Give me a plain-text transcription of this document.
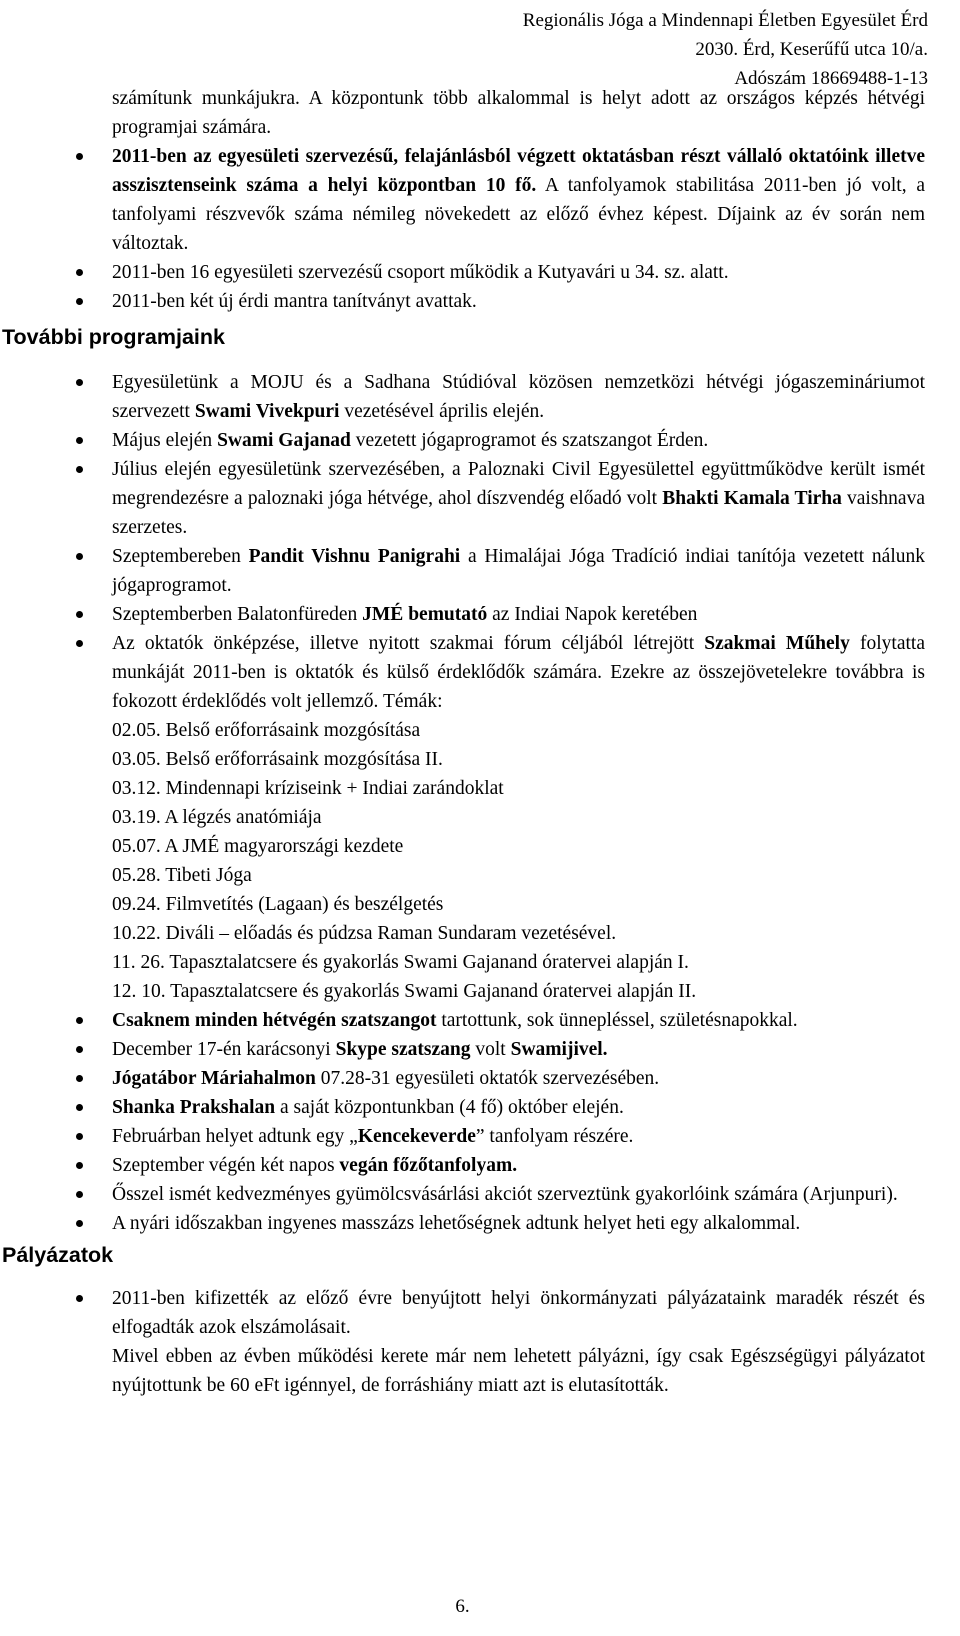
Regionális Jóga a Mindennapi Életben Egyesület Érd
2030. Érd, Keserűfű utca 10/a.
Adószám 18669488-1-13
számítunk munkájukra. A központunk több alkalommal is helyt adott az országos képzés hétvégi programjai számára.
2011-ben az egyesületi szervezésű, felajánlásból végzett oktatásban részt vállaló oktatóink illetve asszisztenseink száma a helyi központban 10 fő. A tanfolyamok stabilitása 2011-ben jó volt, a tanfolyami részvevők száma némileg növekedett az előző évhez képest. Díjaink az év során nem változtak.
2011-ben 16 egyesületi szervezésű csoport működik a Kutyavári u 34. sz. alatt.
2011-ben két új érdi mantra tanítványt avattak.
További programjaink
Egyesületünk a MOJU és a Sadhana Stúdióval közösen nemzetközi hétvégi jógaszemináriumot szervezett Swami Vivekpuri vezetésével április elején.
Május elején Swami Gajanad vezetett jógaprogramot és szatszangot Érden.
Július elején egyesületünk szervezésében, a Paloznaki Civil Egyesülettel együttműködve került ismét megrendezésre a paloznaki jóga hétvége, ahol díszvendég előadó volt Bhakti Kamala Tirha vaishnava szerzetes.
Szeptembereben Pandit Vishnu Panigrahi a Himalájai Jóga Tradíció indiai tanítója vezetett nálunk jógaprogramot.
Szeptemberben Balatonfüreden JMÉ bemutató az Indiai Napok keretében
Az oktatók önképzése, illetve nyitott szakmai fórum céljából létrejött Szakmai Műhely folytatta munkáját 2011-ben is oktatók és külső érdeklődők számára. Ezekre az összejövetelekre továbbra is fokozott érdeklődés volt jellemző. Témák:
02.05. Belső erőforrásaink mozgósítása
03.05. Belső erőforrásaink mozgósítása II.
03.12. Mindennapi kríziseink + Indiai zarándoklat
03.19. A légzés anatómiája
05.07. A JMÉ magyarországi kezdete
05.28. Tibeti Jóga
09.24. Filmvetítés (Lagaan) és beszélgetés
10.22. Diváli – előadás és púdzsa Raman Sundaram vezetésével.
11. 26. Tapasztalatcsere és gyakorlás Swami Gajanand óratervei alapján I.
12. 10. Tapasztalatcsere és gyakorlás Swami Gajanand óratervei alapján II.
Csaknem minden hétvégén szatszangot tartottunk, sok ünnepléssel, születésnapokkal.
December 17-én karácsonyi Skype szatszang volt Swamijivel.
Jógatábor Máriahalmon 07.28-31 egyesületi oktatók szervezésében.
Shanka Prakshalan a saját központunkban (4 fő) október elején.
Februárban helyet adtunk egy „Kencekeverde” tanfolyam részére.
Szeptember végén két napos vegán főzőtanfolyam.
Ősszel ismét kedvezményes gyümölcsvásárlási akciót szerveztünk gyakorlóink számára (Arjunpuri).
A nyári időszakban ingyenes masszázs lehetőségnek adtunk helyet heti egy alkalommal.
Pályázatok
2011-ben kifizették az előző évre benyújtott helyi önkormányzati pályázataink maradék részét és elfogadták azok elszámolásait.
Mivel ebben az évben működési kerete már nem lehetett pályázni, így csak Egészségügyi pályázatot nyújtottunk be 60 eFt igénnyel, de forráshiány miatt azt is elutasították.
6.
